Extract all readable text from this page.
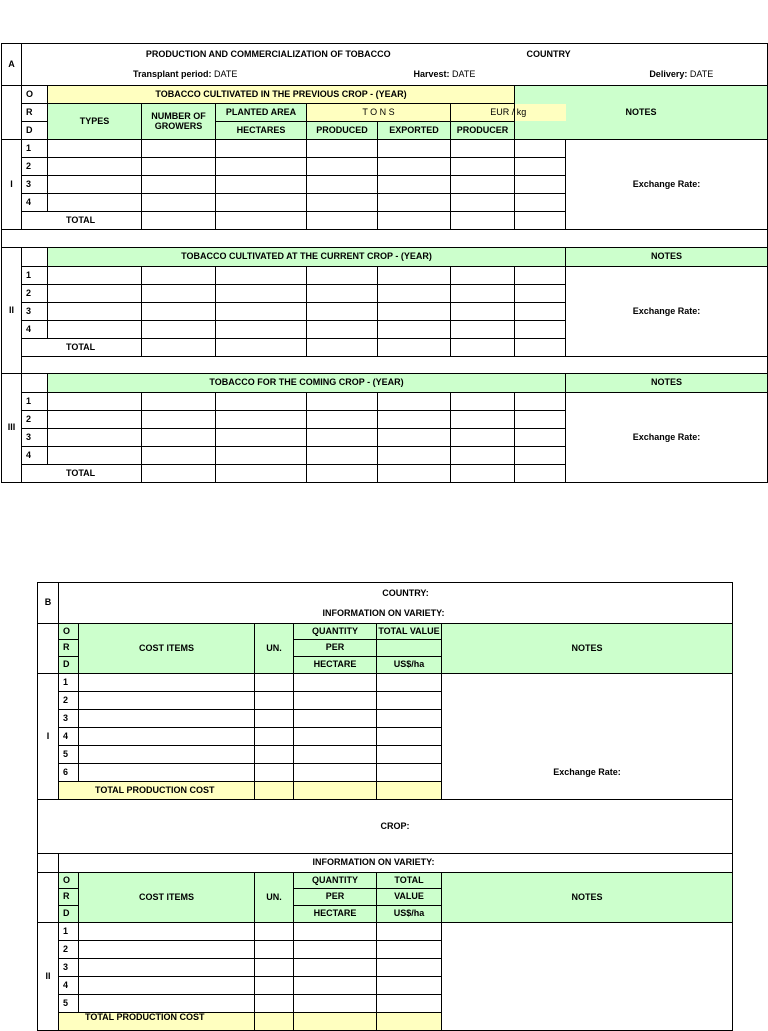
A	PRODUCTION AND COMMERCIALIZATION OF TOBACCO							COUNTRY		
	Transplant period: DATE					Harvest: DATE			Delivery: DATE	
	O	TOBACCO CULTIVATED IN THE PREVIOUS CROP - (YEAR)						NOTES		
	R	TYPES	NUMBER OF GROWERS	PLANTED AREA	T O N S		EUR / kg			
	D			HECTARES	PRODUCED	EXPORTED	PRODUCER	
I	1								Exchange Rate:	
	2									
	3									
	4									
	TOTAL									

II		TOBACCO CULTIVATED AT THE CURRENT CROP - (YEAR)							NOTES	
	1								Exchange Rate:	
	2									
	3									
	4									
	TOTAL									

III		TOBACCO FOR THE COMING CROP - (YEAR)							NOTES	
	1								Exchange Rate:	
	2									
	3									
	4									
	TOTAL									
B	COUNTRY:					
	INFORMATION ON VARIETY:					
	O	COST ITEMS	UN.	QUANTITY	TOTAL VALUE	NOTES
	R			PER		
	D			HECTARE	US$/ha	
I	1					Exchange Rate:
	2					
	3					
	4					
	5					
	6					
	TOTAL PRODUCTION COST					
CROP:						
	INFORMATION ON VARIETY:					
	O	COST ITEMS	UN.	QUANTITY	TOTAL	NOTES
	R			PER	VALUE	
	D			HECTARE	US$/ha	
II	1					
	2					
	3					
	4					
	5					
	TOTAL PRODUCTION COST					
